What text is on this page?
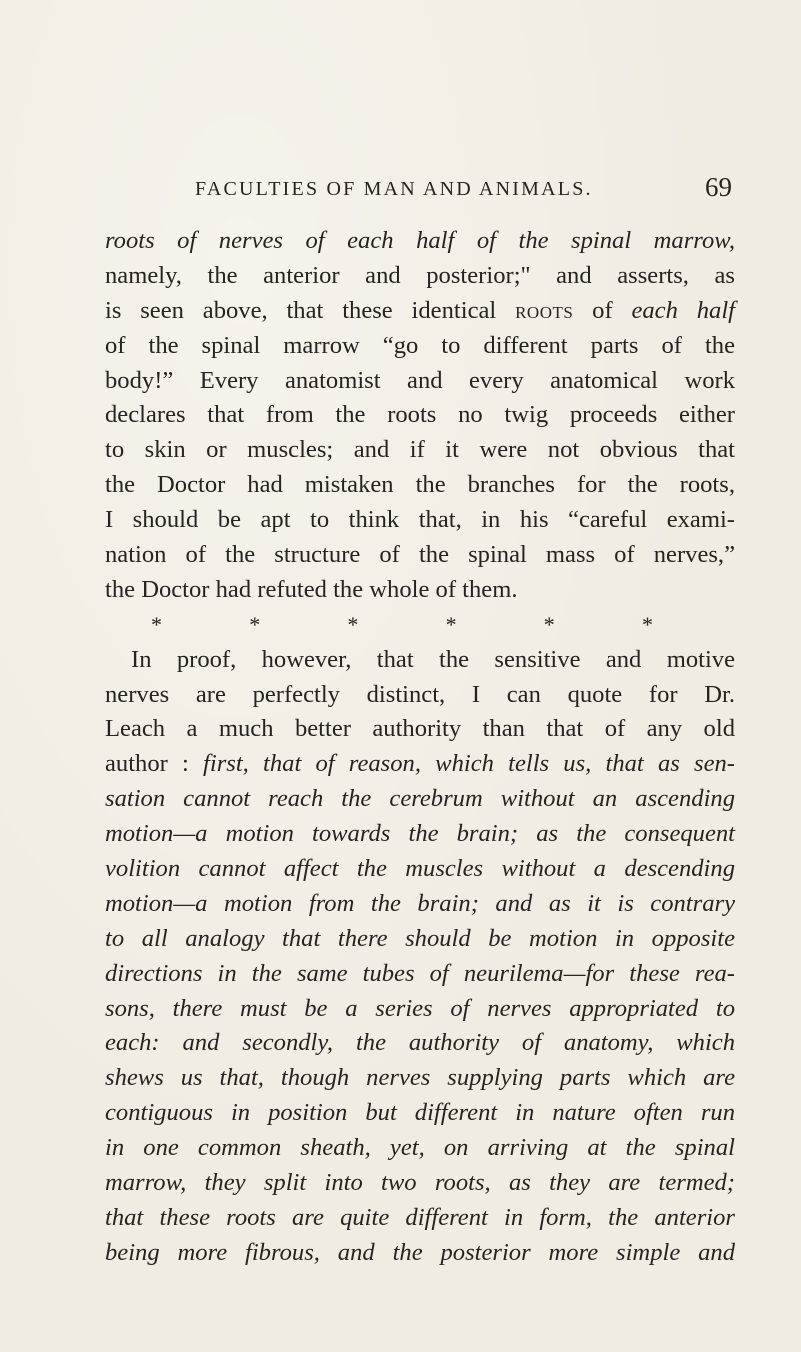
FACULTIES OF MAN AND ANIMALS.	69
roots of nerves of each half of the spinal marrow,
namely, the anterior and posterior;" and asserts, as
is seen above, that these identical roots of each half
of the spinal marrow “go to different parts of the
body!” Every anatomist and every anatomical work
declares that from the roots no twig proceeds either
to skin or muscles; and if it were not obvious that
the Doctor had mistaken the branches for the roots,
I should be apt to think that, in his “careful exami-
nation of the structure of the spinal mass of nerves,”
the Doctor had refuted the whole of them.
*	*	*	*	*	*
In proof, however, that the sensitive and motive
nerves are perfectly distinct, I can quote for Dr.
Leach a much better authority than that of any old
author : first, that of reason, which tells us, that as sen-
sation cannot reach the cerebrum without an ascending
motion—a motion towards the brain; as the consequent
volition cannot affect the muscles without a descending
motion—a motion from the brain; and as it is contrary
to all analogy that there should be motion in opposite
directions in the same tubes of neurilema—for these rea-
sons, there must be a series of nerves appropriated to
each: and secondly, the authority of anatomy, which
shews us that, though nerves supplying parts which are
contiguous in position but different in nature often run
in one common sheath, yet, on arriving at the spinal
marrow, they split into two roots, as they are termed;
that these roots are quite different in form, the anterior
being more fibrous, and the posterior more simple and
